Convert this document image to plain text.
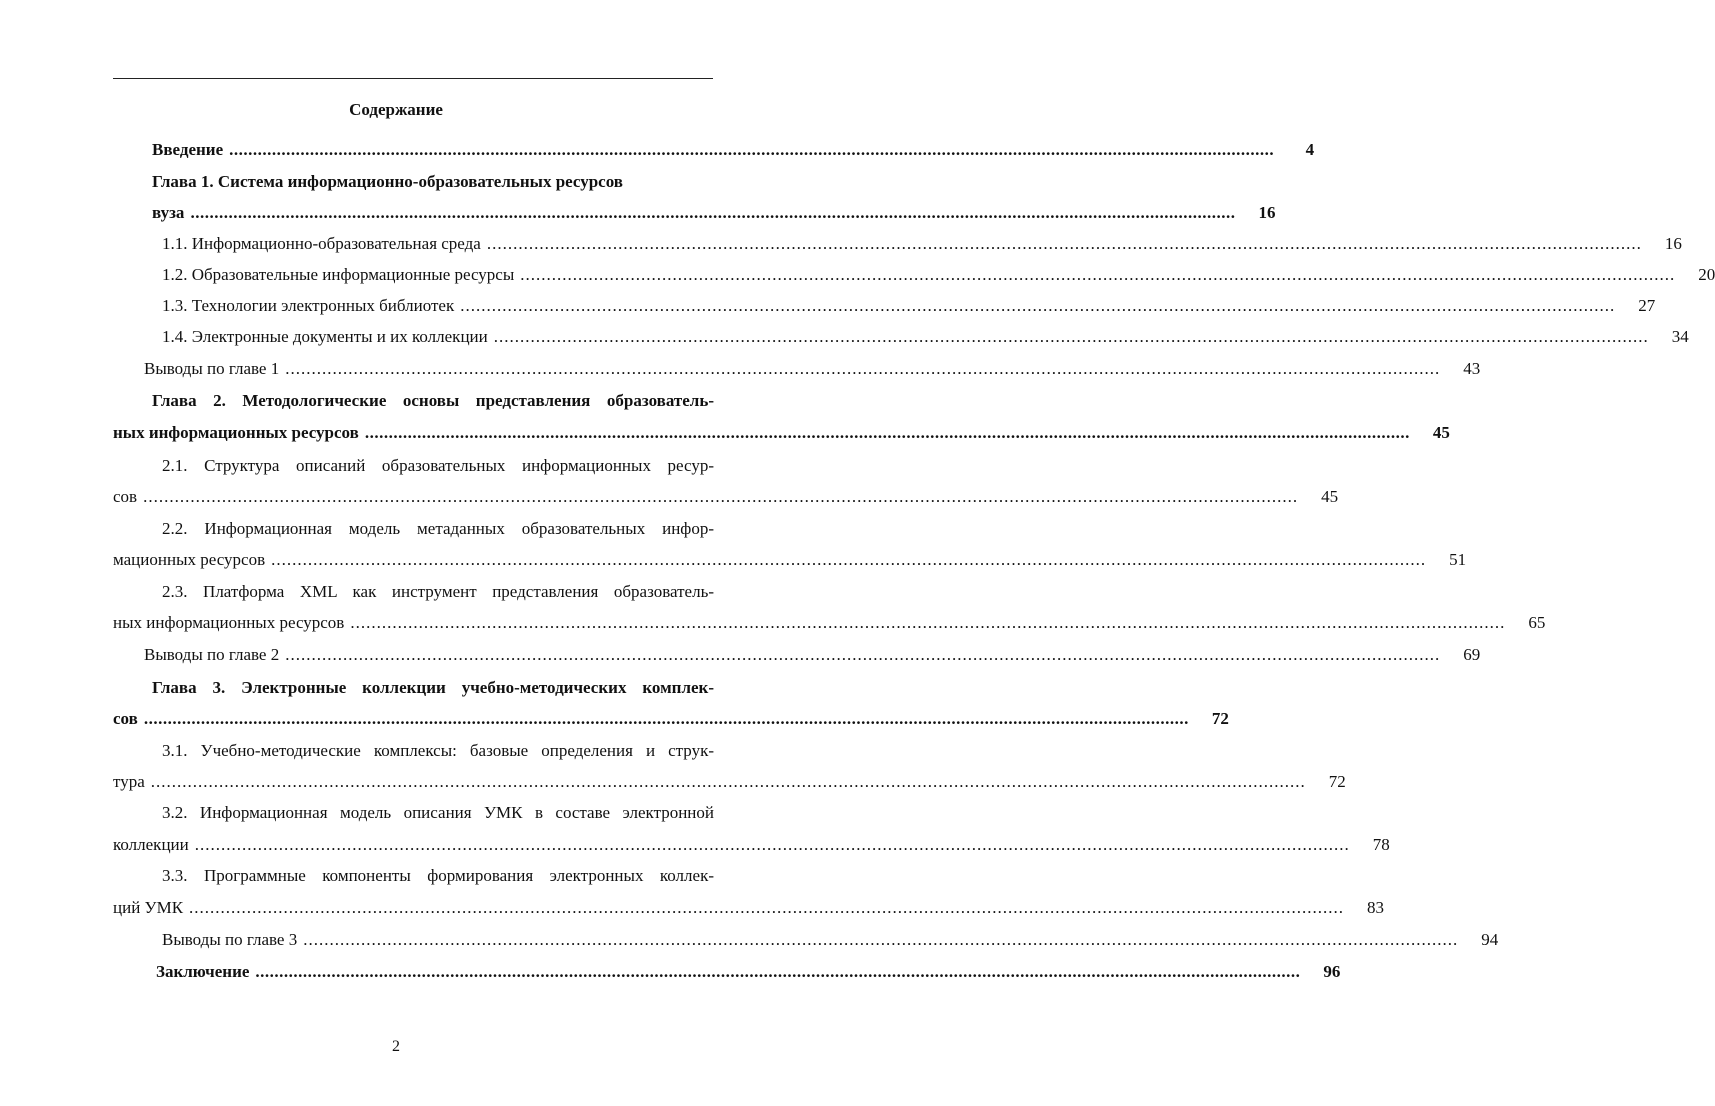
Содержание
Введение ............................................................................................................................................................................................................................	4
Глава 1. Система информационно-образовательных ресурсов
вуза ............................................................................................................................................................................................................................	16
1.1. Информационно-образовательная среда ............................................................................................................................................................................................................................	16
1.2. Образовательные информационные ресурсы ............................................................................................................................................................................................................................	20
1.3. Технологии электронных библиотек ............................................................................................................................................................................................................................	27
1.4. Электронные документы и их коллекции ............................................................................................................................................................................................................................	34
Выводы по главе 1 ............................................................................................................................................................................................................................	43
Глава 2. Методологические основы представления образователь-
ных информационных ресурсов ............................................................................................................................................................................................................................	45
2.1. Структура описаний образовательных информационных ресур-
сов ............................................................................................................................................................................................................................	45
2.2. Информационная модель метаданных образовательных инфор-
мационных ресурсов ............................................................................................................................................................................................................................	51
2.3. Платформа XML как инструмент представления образователь-
ных информационных ресурсов ............................................................................................................................................................................................................................	65
Выводы по главе 2 ............................................................................................................................................................................................................................	69
Глава 3. Электронные коллекции учебно-методических комплек-
сов ............................................................................................................................................................................................................................	72
3.1. Учебно-методические комплексы: базовые определения и струк-
тура ............................................................................................................................................................................................................................	72
3.2. Информационная модель описания УМК в составе электронной
коллекции ............................................................................................................................................................................................................................	78
3.3. Программные компоненты формирования электронных коллек-
ций УМК ............................................................................................................................................................................................................................	83
Выводы по главе 3 ............................................................................................................................................................................................................................	94
Заключение ............................................................................................................................................................................................................................	96
2
